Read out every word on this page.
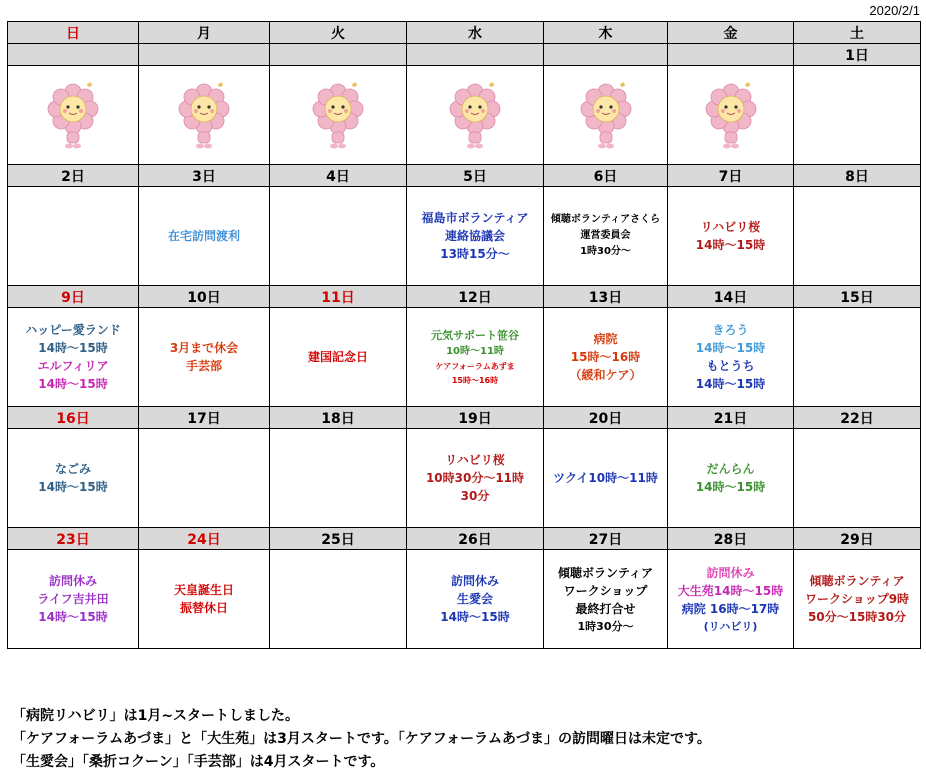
2020/2/1
日	月	火	水	木	金	土
						1日

2日	3日	4日	5日	6日	7日	8日

	在宅訪問渡利		福島市ボランティア
連絡協議会
13時15分～	傾聴ボランティアさくら
運営委員会
1時30分～	リハビリ桜
14時～15時	

9日	10日	11日	12日	13日	14日	15日

ハッピー愛ランド
14時～15時
エルフィリア
14時～15時	3月まで休会
手芸部	建国記念日	元気サポート笹谷
10時～11時
ケアフォーラムあずま
15時～16時	病院
15時～16時
（緩和ケア）	きろう
14時～15時
もとうち
14時～15時	

16日	17日	18日	19日	20日	21日	22日

なごみ
14時～15時			リハビリ桜
10時30分～11時
30分	ツクイ10時～11時	だんらん
14時～15時	

23日	24日	25日	26日	27日	28日	29日

訪問休み
ライフ吉井田
14時～15時	天皇誕生日
振替休日		訪問休み
生愛会
14時～15時	傾聴ボランティア
ワークショップ
最終打合せ
1時30分～	訪問休み
大生苑14時～15時
病院 16時～17時
(リハビリ)	傾聴ボランティア
ワークショップ9時
50分～15時30分
「病院リハビリ」は1月~スタートしました。
「ケアフォーラムあづま」と「大生苑」は3月スタートです。「ケアフォーラムあづま」の訪問曜日は未定です。
「生愛会」「桑折コクーン」「手芸部」は4月スタートです。
